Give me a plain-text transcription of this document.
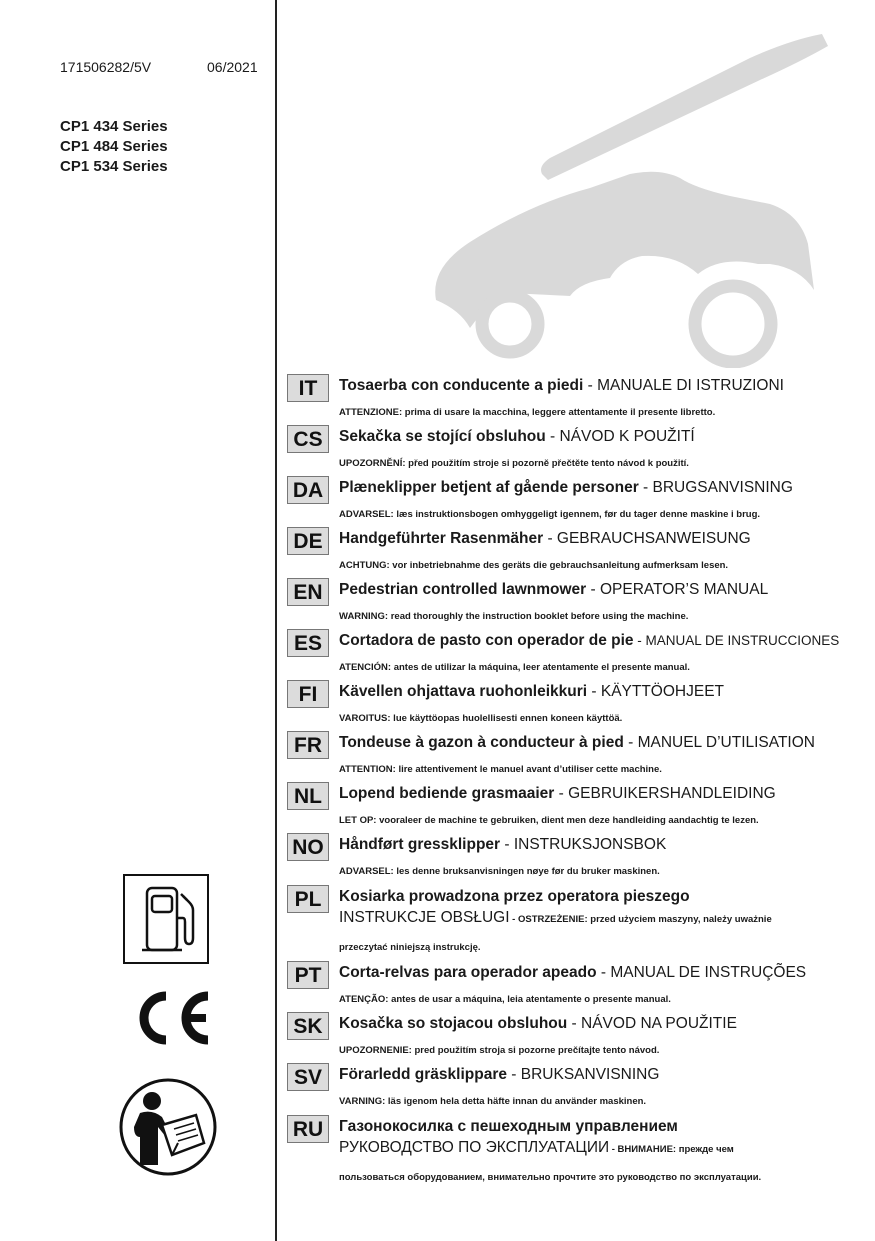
171506282/5V	06/2021
CP1 434 Series
CP1 484 Series
CP1 534 Series
IT	Tosaerba con conducente a piedi - MANUALE DI ISTRUZIONI
ATTENZIONE: prima di usare la macchina, leggere attentamente il presente libretto.
CS	Sekačka se stojící obsluhou - NÁVOD K POUŽITÍ
UPOZORNĚNÍ: před použitím stroje si pozorně přečtěte tento návod k použití.
DA	Plæneklipper betjent af gående personer - BRUGSANVISNING
ADVARSEL: læs instruktionsbogen omhyggeligt igennem, før du tager denne maskine i brug.
DE	Handgeführter Rasenmäher - GEBRAUCHSANWEISUNG
ACHTUNG: vor inbetriebnahme des geräts die gebrauchsanleitung aufmerksam lesen.
EN	Pedestrian controlled lawnmower - OPERATOR’S MANUAL
WARNING: read thoroughly the instruction booklet before using the machine.
ES	Cortadora de pasto con operador de pie - MANUAL DE INSTRUCCIONES
ATENCIÓN: antes de utilizar la máquina, leer atentamente el presente manual.
FI	Kävellen ohjattava ruohonleikkuri - KÄYTTÖOHJEET
VAROITUS: lue käyttöopas huolellisesti ennen koneen käyttöä.
FR	Tondeuse à gazon à conducteur à pied - MANUEL D’UTILISATION
ATTENTION: lire attentivement le manuel avant d’utiliser cette machine.
NL	Lopend bediende grasmaaier - GEBRUIKERSHANDLEIDING
LET OP: vooraleer de machine te gebruiken, dient men deze handleiding aandachtig te lezen.
NO Håndført gressklipper - INSTRUKSJONSBOK
ADVARSEL: les denne bruksanvisningen nøye før du bruker maskinen.
PL	Kosiarka prowadzona przez operatora pieszego
INSTRUKCJE OBSŁUGI - OSTRZEŻENIE: przed użyciem maszyny, należy uważnie
przeczytać niniejszą instrukcję.
PT	Corta-relvas para operador apeado - MANUAL DE INSTRUÇÕES
ATENÇÃO: antes de usar a máquina, leia atentamente o presente manual.
SK	Kosačka so stojacou obsluhou - NÁVOD NA POUŽITIE
UPOZORNENIE: pred použitím stroja si pozorne prečítajte tento návod.
SV	Förarledd gräsklippare - BRUKSANVISNING
VARNING: läs igenom hela detta häfte innan du använder maskinen.
RU	Газонокосилка с пешеходным управлением
РУКОВОДСТВО ПО ЭКСПЛУАТАЦИИ - ВНИМАНИЕ: прежде чем
пользоваться оборудованием, внимательно прочтите это руководство по эксплуатации.
